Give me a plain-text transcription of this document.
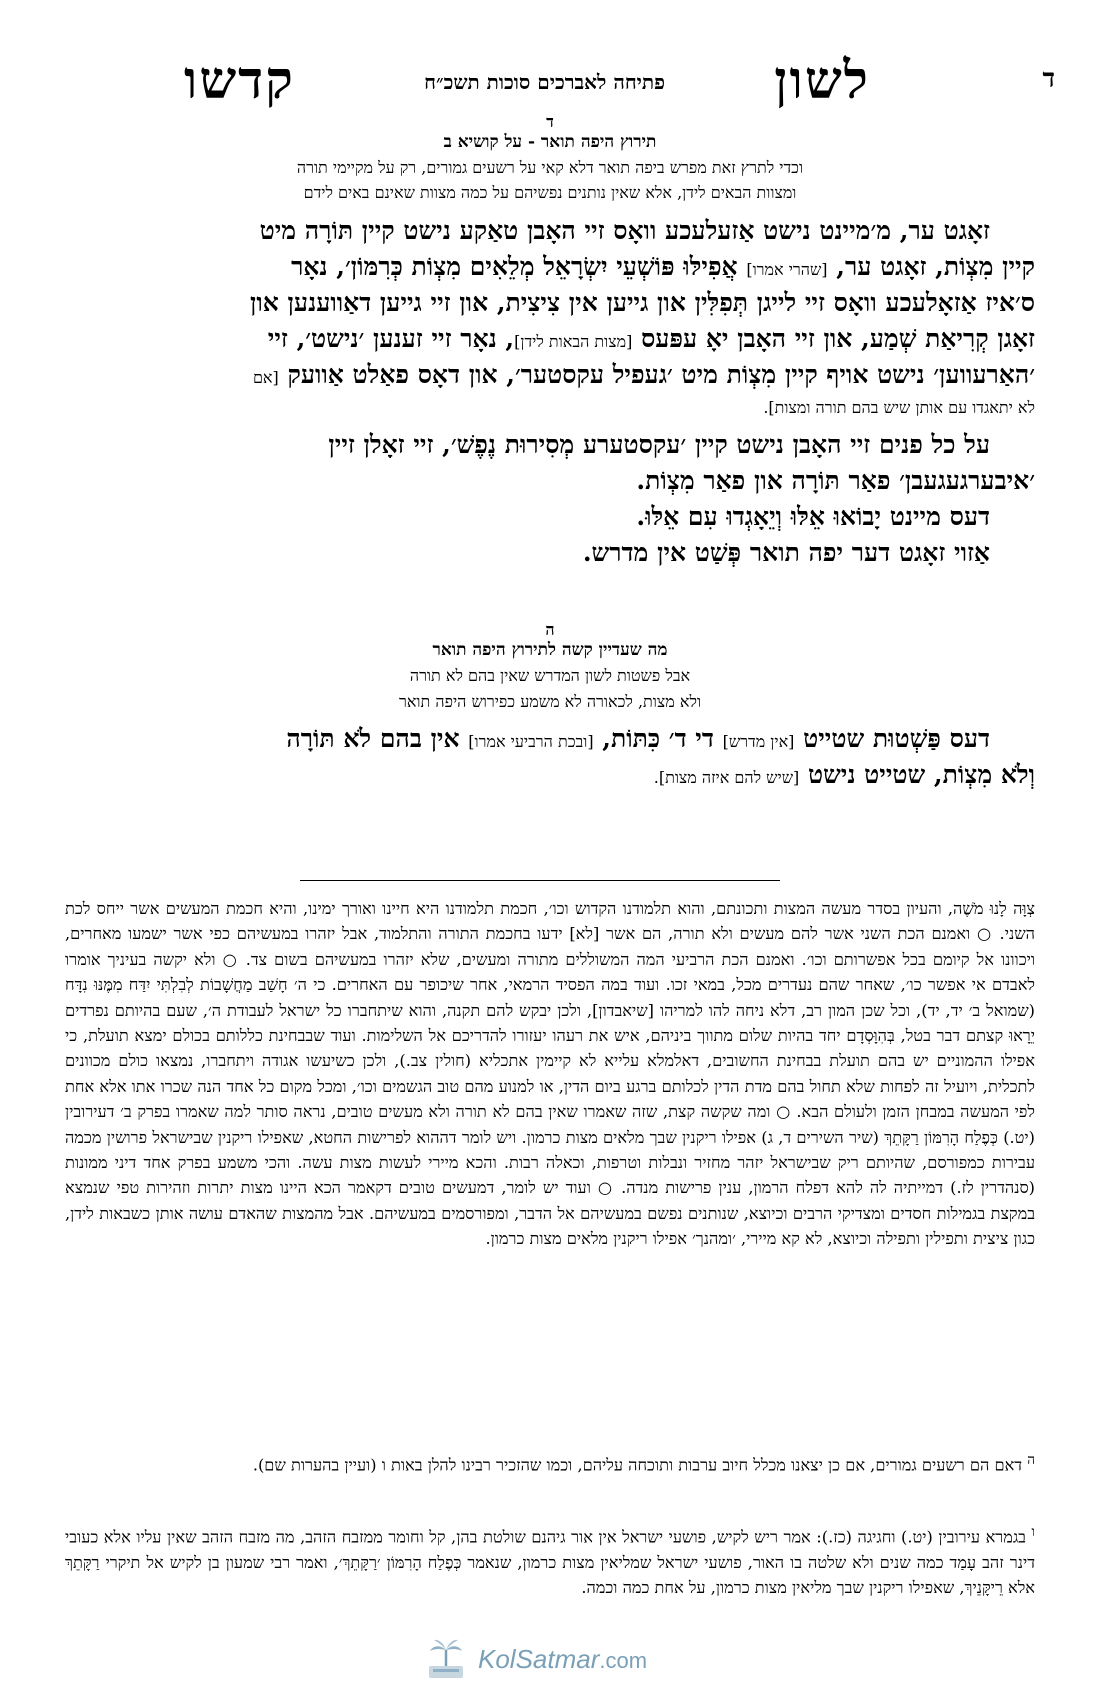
ד
לשון
פתיחה לאברכים סוכות תשכ״ח
קדשו
ד
תירוץ היפה תואר - על קושיא ב
וכדי לתרץ זאת מפרש ביפה תואר דלא קאי על רשעים גמורים, רק על מקיימי תורה
ומצוות הבאים לידן, אלא שאין נותנים נפשיהם על כמה מצוות שאינם באים לידם
זאָגט ער, מ׳מיינט נישט אַזעלעכע וואָס זיי האָבן טאַקע נישט קיין תּוֹרָה מיט
קיין מִצְוֹת, זאָגט ער, [שהרי אמרו] אֲפִילּוּ פּוֹשְׁעֵי יִשְׂרָאֵל מְלֵאִים מִצְוֹת כְּרִמּוֹן׳, נאָר
ס׳איז אַזאָלעכע וואָס זיי לייגן תְּפִלִּין און גייען אין צִיצִית, און זיי גייען דאַווענען און
זאָגן קְרִיאַת שְׁמַע, און זיי האָבן יאָ עפּעס [מצות הבאות לידן], נאָר זיי זענען ׳נישט׳, זיי
׳האַרעווען׳ נישט אויף קיין מִצְוֹת מיט ׳געפיל עקסטער׳, און דאָס פאַלט אַוועק [אם
לא יתאגדו עם אותן שיש בהם תורה ומצות].
על כל פנים זיי האָבן נישט קיין ׳עקסטערע מְסִירוּת נֶפֶשׁ׳, זיי זאָלן זיין
׳איבערגעגעבן׳ פאַר תּוֹרָה און פאַר מִצְוֹת.
דעס מיינט יָבוֹאוּ אֵלּוּ וְיֵאָגְדוּ עִם אֵלּוּ.
אַזוי זאָגט דער יפה תואר פְּשַׁט אין מדרש.
ה
מה שעדיין קשה לתירוץ היפה תואר
אבל פשטות לשון המדרש שאין בהם לא תורה
ולא מצות, לכאורה לא משמע כפירוש היפה תואר
דעס פַּשְׁטוּת שטייט [אין מדרש] די ד׳ כִּתּוֹת, [ובכת הרביעי אמרו] אין בהם לֹא תּוֹרָה
וְלֹא מִצְוֹת, שטייט נישט [שיש להם איזה מצות].
צְוָּה לָנוּ מֹשֶׁה, והעיון בסדר מעשה המצות ותכונתם, והוא תלמודנו הקדוש וכו׳, חכמת תלמודנו היא חיינו ואורך ימינו, והיא חכמת המעשים אשר ייחס לכת השני. ○ ואמנם הכת השני אשר להם מעשים ולא תורה, הם אשר [לא] ידעו בחכמת התורה והתלמוד, אבל יזהרו במעשיהם כפי אשר ישמעו מאחרים, ויכוונו אל קיומם בכל אפשרותם וכו׳. ואמנם הכת הרביעי המה המשוללים מתורה ומעשים, שלא יזהרו במעשיהם בשום צד. ○ ולא יקשה בעיניך אומרו לאבדם אי אפשר כו׳, שאחר שהם נעדרים מכל, במאי זכו. ועוד במה הפסיד הרמאי, אחר שיכופר עם האחרים. כי ה׳ חָשַׁב מַחֲשָׁבוֹת לְבִלְתִּי יִדַּח מִמֶּנּוּ נִדָּח (שמואל ב׳ יד, יד), וכל שכן המון רב, דלא ניחה להו למריהו [שיאבדון], ולכן יבקש להם תקנה, והוא שיתחברו כל ישראל לעבודת ה׳, שעם בהיותם נפרדים יֵרָאוּ קצתם דבר בטל, בְּהִוָּסְדָם יחד בהיות שלום מתווך ביניהם, איש את רעהו יעזורו להדריכם אל השלימות. ועוד שבבחינת כללותם בכולם ימצא תועלת, כי אפילו ההמוניים יש בהם תועלת בבחינת החשובים, דאלמלא עלייא לא קיימין אתכליא (חולין צב.), ולכן כשיעשו אגודה ויתחברו, נמצאו כולם מכוונים לתכלית, ויועיל זה לפחות שלא תחול בהם מדת הדין לכלותם ברגע ביום הדין, או למנוע מהם טוב הגשמים וכו׳, ומכל מקום כל אחד הנה שכרו אתו אלא אחת לפי המעשה במבחן הזמן ולעולם הבא. ○ ומה שקשה קצת, שזה שאמרו שאין בהם לא תורה ולא מעשים טובים, נראה סותר למה שאמרו בפרק ב׳ דעירובין (יט.) כְּפֶלַח הָרִמּוֹן רַקָּתֵךְ (שיר השירים ד, ג) אפילו ריקנין שבך מלאים מצות כרמון. ויש לומר דההוא לפרישות החטא, שאפילו ריקנין שבישראל פרושין מכמה עבירות כמפורסם, שהיותם ריק שבישראל יזהר מחזיר ונבלות וטרפות, וכאלה רבות. והכא מיירי לעשות מצות עשה. והכי משמע בפרק אחד דיני ממונות (סנהדרין לז.) דמייתיה לה להא דפלח הרמון, ענין פרישות מנדה. ○ ועוד יש לומר, דמעשים טובים דקאמר הכא היינו מצות יתרות וזהירות טפי שנמצא במקצת בגמילות חסדים ומצדיקי הרבים וכיוצא, שנותנים נפשם במעשיהם אל הדבר, ומפורסמים במעשיהם. אבל מהמצות שהאדם עושה אותן כשבאות לידן, כגון ציצית ותפילין ותפילה וכיוצא, לא קא מיירי, ׳ומהנך׳ אפילו ריקנין מלאים מצות כרמון.
$^ה$ דאם הם רשעים גמורים, אם כן יצאנו מכלל חיוב ערבות ותוכחה עליהם, וכמו שהזכיר רבינו להלן באות ו (ועיין בהערות שם).
$^ו$ בגמרא עירובין (יט.) וחגיגה (כז.): אמר ריש לקיש, פושעי ישראל אין אור גיהנם שולטת בהן, קל וחומר ממזבח הזהב, מה מזבח הזהב שאין עליו אלא כעובי דינר זהב עָמַד כמה שנים ולא שלטה בו האור, פושעי ישראל שמליאין מצות כרמון, שנאמר כְּפֶלַח הָרִמּוֹן ׳רַקָּתֵךְ׳, ואמר רבי שמעון בן לקיש אל תיקרי רַקָּתֵךְ אלא רֵיקָּנֵיךְ, שאפילו ריקנין שבך מליאין מצות כרמון, על אחת כמה וכמה.
KolSatmar.com
